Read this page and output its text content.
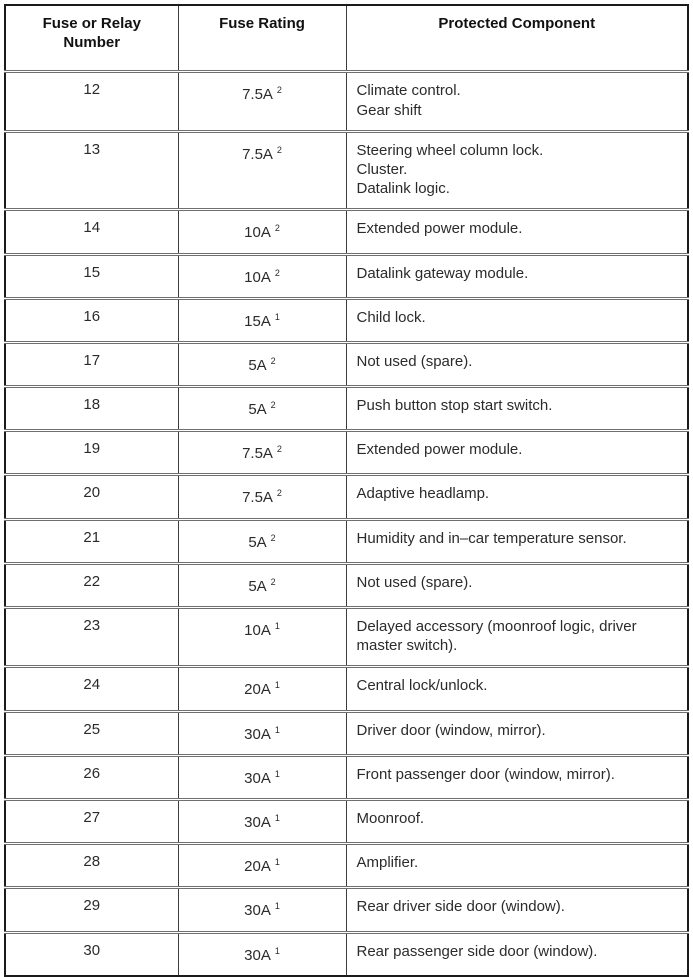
Fuse or Relay Number	Fuse Rating	Protected Component
12	7.5A $^2$	Climate control.
Gear shift

13	7.5A $^2$	Steering wheel column lock.
Cluster.
Datalink logic.

14	10A $^2$	Extended power module.

15	10A $^2$	Datalink gateway module.

16	15A $^1$	Child lock.

17	5A $^2$	Not used (spare).

18	5A $^2$	Push button stop start switch.

19	7.5A $^2$	Extended power module.

20	7.5A $^2$	Adaptive headlamp.

21	5A $^2$	Humidity and in–car temperature sensor.

22	5A $^2$	Not used (spare).

23	10A $^1$	Delayed accessory (moonroof logic, driver master switch).

24	20A $^1$	Central lock/unlock.

25	30A $^1$	Driver door (window, mirror).

26	30A $^1$	Front passenger door (window, mirror).

27	30A $^1$	Moonroof.

28	20A $^1$	Amplifier.

29	30A $^1$	Rear driver side door (window).

30	30A $^1$	Rear passenger side door (window).
